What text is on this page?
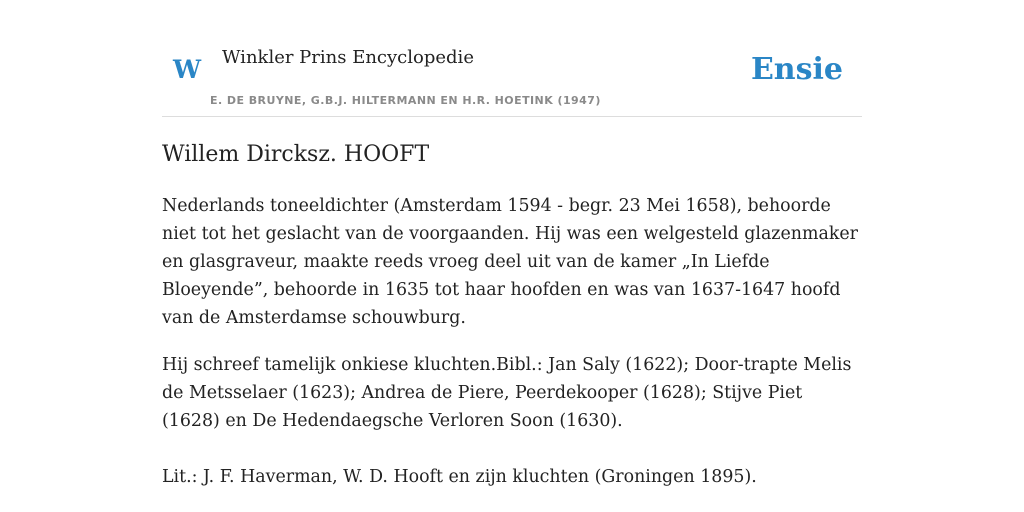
W Winkler Prins Encyclopedie
E. DE BRUYNE, G.B.J. HILTERMANN EN H.R. HOETINK (1947)
Ensie
Willem Dircksz. HOOFT

Nederlands toneeldichter (Amsterdam 1594 - begr. 23 Mei 1658), behoorde niet tot het geslacht van de voorgaanden. Hij was een welgesteld glazenmaker en glasgraveur, maakte reeds vroeg deel uit van de kamer „In Liefde Bloeyende”, behoorde in 1635 tot haar hoofden en was van 1637-1647 hoofd van de Amsterdamse schouwburg.

Hij schreef tamelijk onkiese kluchten.Bibl.: Jan Saly (1622); Door-trapte Melis de Metsselaer (1623); Andrea de Piere, Peerdekooper (1628); Stijve Piet (1628) en De Hedendaegsche Verloren Soon (1630).

Lit.: J. F. Haverman, W. D. Hooft en zijn kluchten (Groningen 1895).
